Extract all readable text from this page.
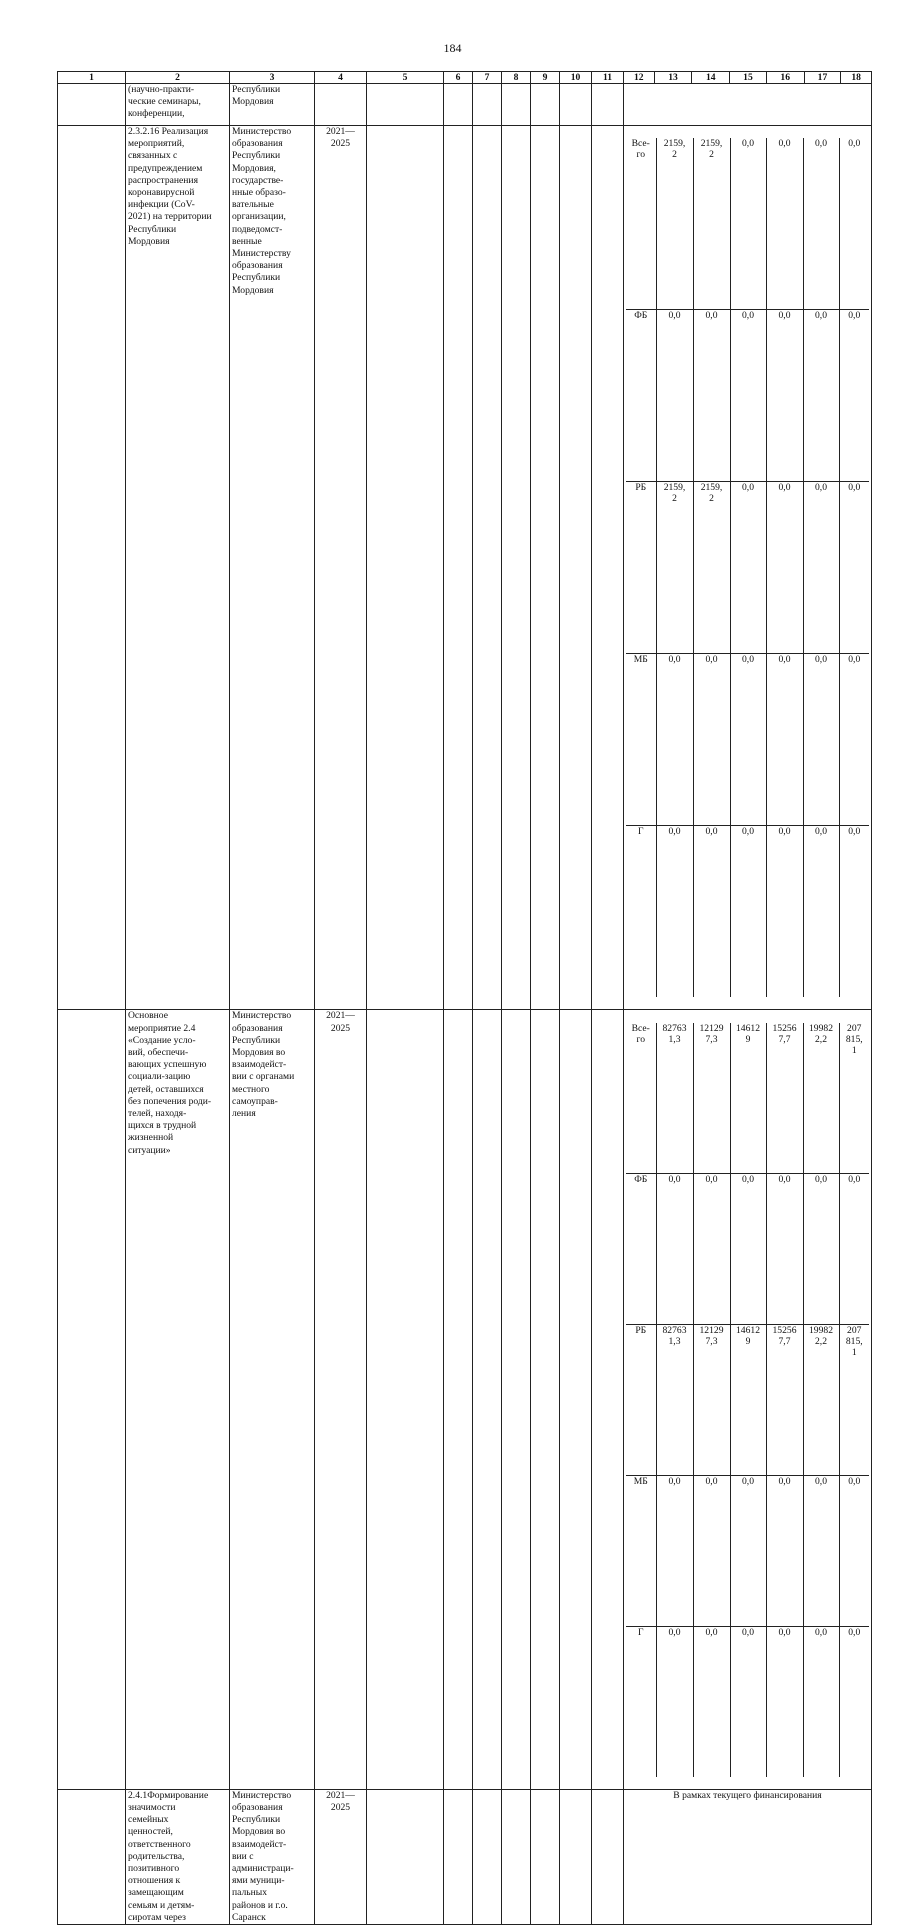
184
1	2	3	4	5	6	7	8	9	10	11	12	13	14	15	16	17	18
	(научно-практи-
ческие семинары,
конференции,	Республики
Мордовия									
	2.3.2.16 Реализация
мероприятий,
связанных с
предупреждением
распространения
коронавирусной
инфекции (CoV-
2021) на территории
Республики
Мордовия	Министерство
образования
Республики
Мордовия,
государстве-
нные образо-
вательные
организации,
подведомст-
венные
Министерству
образования
Республики
Мордовия	2021—
2025									Все-
го	2159,
2	2159,
2	0,0	0,0	0,0	0,0
ФБ	0,0	0,0	0,0	0,0	0,0	0,0
РБ	2159,
2	2159,
2	0,0	0,0	0,0	0,0
МБ	0,0	0,0	0,0	0,0	0,0	0,0
Г	0,0	0,0	0,0	0,0	0,0	0,0

	Основное
мероприятие 2.4
«Создание усло-
вий, обеспечи-
вающих успешную
социали-зацию
детей, оставшихся
без попечения роди-
телей, находя-
щихся в трудной
жизненной
ситуации»	Министерство
образования
Республики
Мордовия во
взаимодейст-
вии с органами
местного
самоуправ-
ления	2021—
2025									Все-
го	82763
1,3	12129
7,3	14612
9	15256
7,7	19982
2,2	207
815,
1
ФБ	0,0	0,0	0,0	0,0	0,0	0,0
РБ	82763
1,3	12129
7,3	14612
9	15256
7,7	19982
2,2	207
815,
1
МБ	0,0	0,0	0,0	0,0	0,0	0,0
Г	0,0	0,0	0,0	0,0	0,0	0,0

	2.4.1Формирование
значимости
семейных
ценностей,
ответственного
родительства,
позитивного
отношения к
замещающим
семьям и детям-
сиротам через	Министерство
образования
Республики
Мордовия во
взаимодейст-
вии с
администраци-
ями муници-
пальных
районов и г.о.
Саранск	2021—
2025								В рамках текущего финансирования
